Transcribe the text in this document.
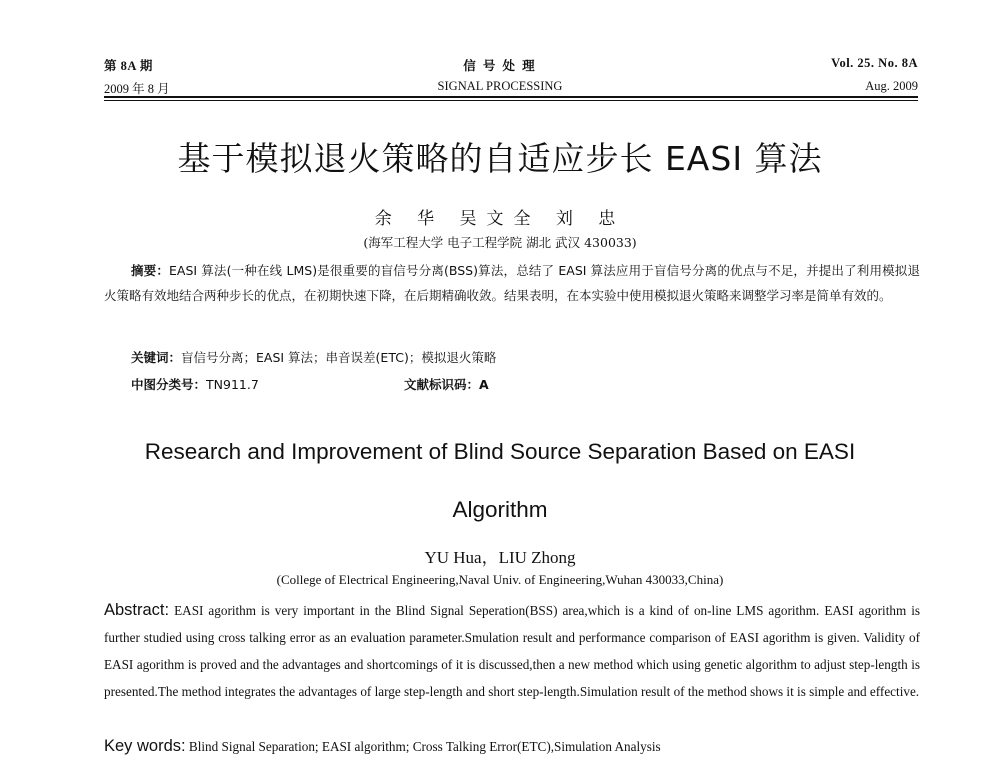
第 8A 期	信 号 处 理	Vol. 25. No. 8A
2009 年 8 月	SIGNAL PROCESSING	Aug. 2009
基于模拟退火策略的自适应步长 EASI 算法
余 华 吴文全 刘 忠
(海军工程大学 电子工程学院 湖北 武汉 430033)
摘要：EASI 算法(一种在线 LMS)是很重要的盲信号分离(BSS)算法，总结了 EASI 算法应用于盲信号分离的优点与不足，并提出了利用模拟退火策略有效地结合两种步长的优点，在初期快速下降，在后期精确收敛。结果表明，在本实验中使用模拟退火策略来调整学习率是简单有效的。
关键词：盲信号分离；EASI 算法；串音误差(ETC)；模拟退火策略
中图分类号：TN911.7	文献标识码：A
Research and Improvement of Blind Source Separation Based on EASI
Algorithm
YU Hua，LIU Zhong
(College of Electrical Engineering,Naval Univ. of Engineering,Wuhan 430033,China)
Abstract: EASI agorithm is very important in the Blind Signal Seperation(BSS) area,which is a kind of on-line LMS agorithm. EASI agorithm is further studied using cross talking error as an evaluation parameter.Smulation result and performance comparison of EASI agorithm is given. Validity of EASI agorithm is proved and the advantages and shortcomings of it is discussed,then a new method which using genetic algorithm to adjust step-length is presented.The method integrates the advantages of large step-length and short step-length.Simulation result of the method shows it is simple and effective.
Key words: Blind Signal Separation; EASI algorithm; Cross Talking Error(ETC),Simulation Analysis
